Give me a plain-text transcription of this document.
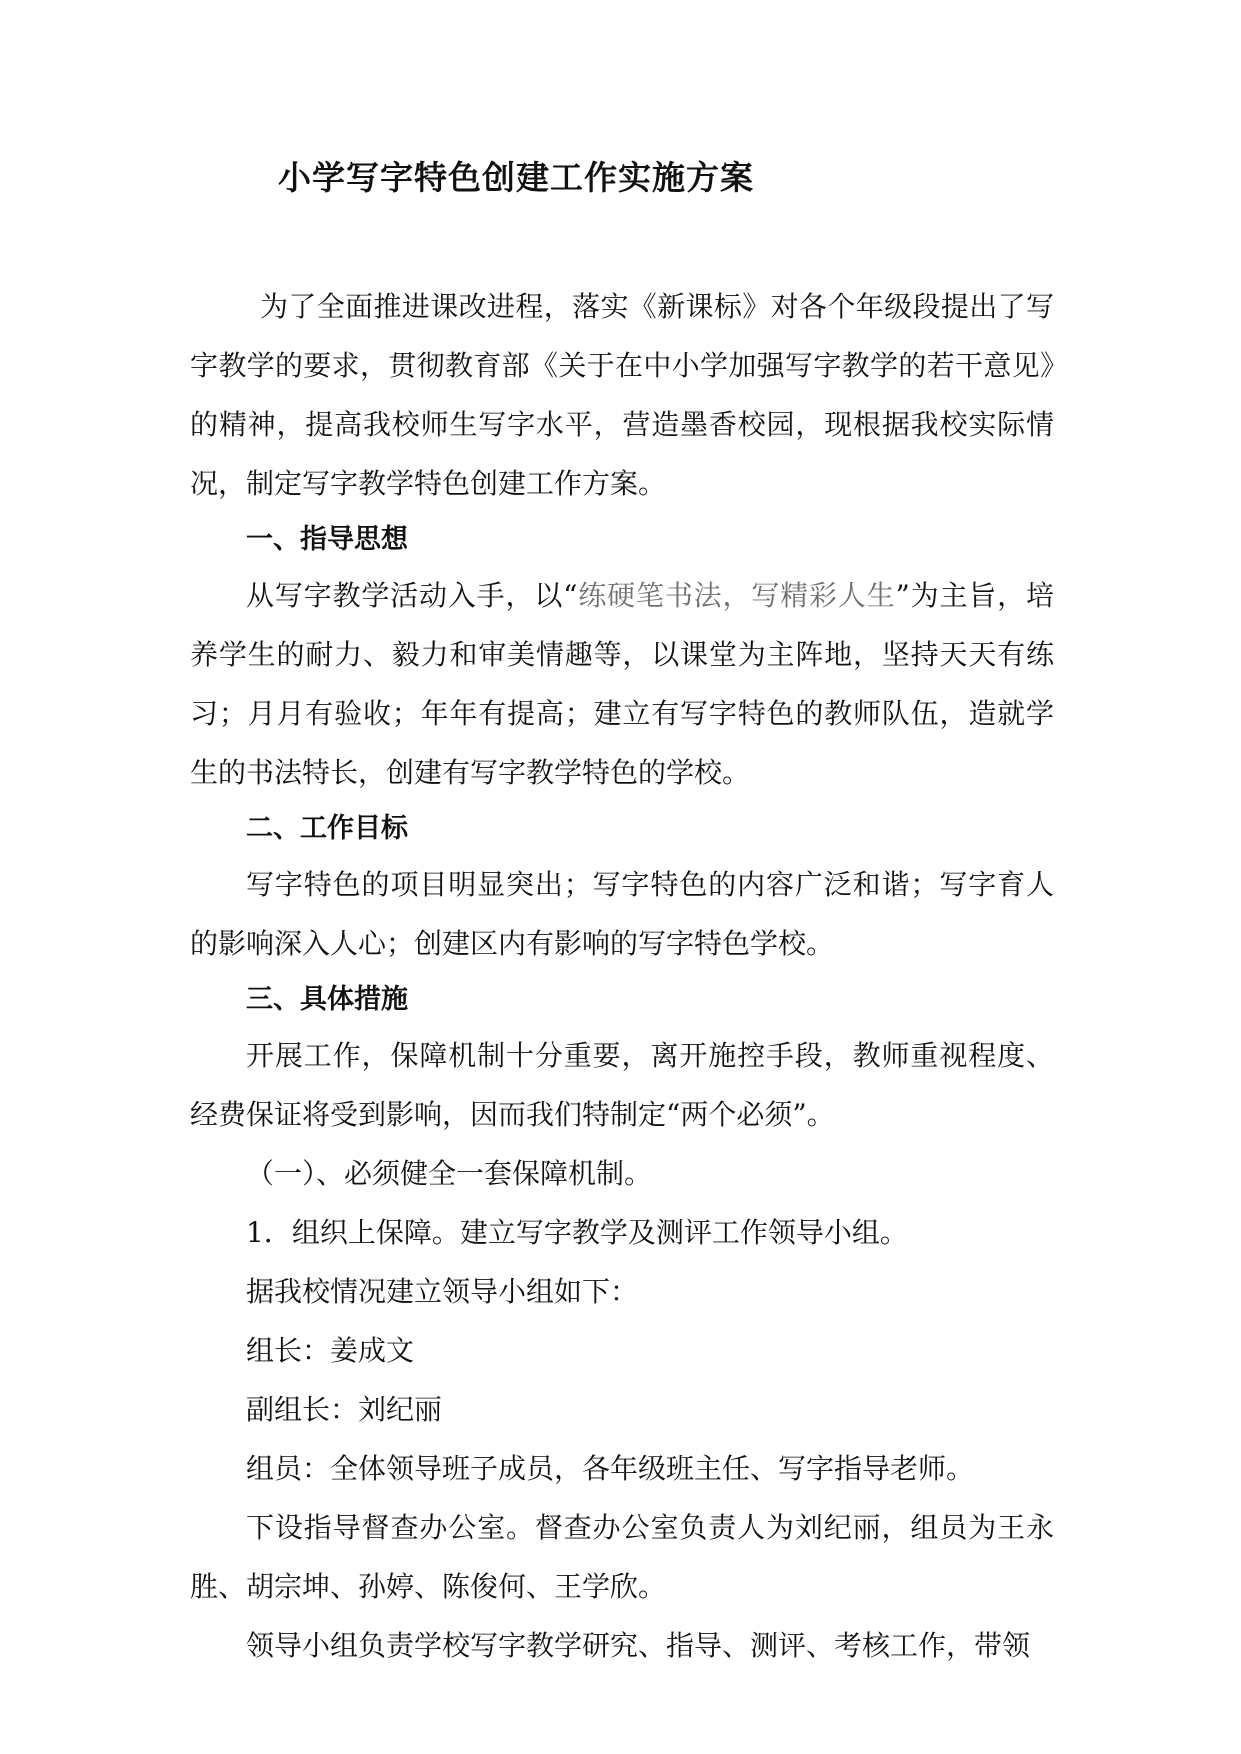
小学写字特色创建工作实施方案

为了全面推进课改进程，落实《新课标》对各个年级段提出了写字教学的要求，贯彻教育部《关于在中小学加强写字教学的若干意见》的精神，提高我校师生写字水平，营造墨香校园，现根据我校实际情况，制定写字教学特色创建工作方案。

一、指导思想

从写字教学活动入手，以“练硬笔书法，写精彩人生”为主旨，培养学生的耐力、毅力和审美情趣等，以课堂为主阵地，坚持天天有练习；月月有验收；年年有提高；建立有写字特色的教师队伍，造就学生的书法特长，创建有写字教学特色的学校。

二、工作目标

写字特色的项目明显突出；写字特色的内容广泛和谐；写字育人的影响深入人心；创建区内有影响的写字特色学校。

三、具体措施

开展工作，保障机制十分重要，离开施控手段，教师重视程度、经费保证将受到影响，因而我们特制定“两个必须”。

（一）、必须健全一套保障机制。

1．组织上保障。建立写字教学及测评工作领导小组。

据我校情况建立领导小组如下：

组长：姜成文

副组长：刘纪丽

组员：全体领导班子成员，各年级班主任、写字指导老师。

下设指导督查办公室。督查办公室负责人为刘纪丽，组员为王永胜、胡宗坤、孙婷、陈俊何、王学欣。

领导小组负责学校写字教学研究、指导、测评、考核工作，带领
